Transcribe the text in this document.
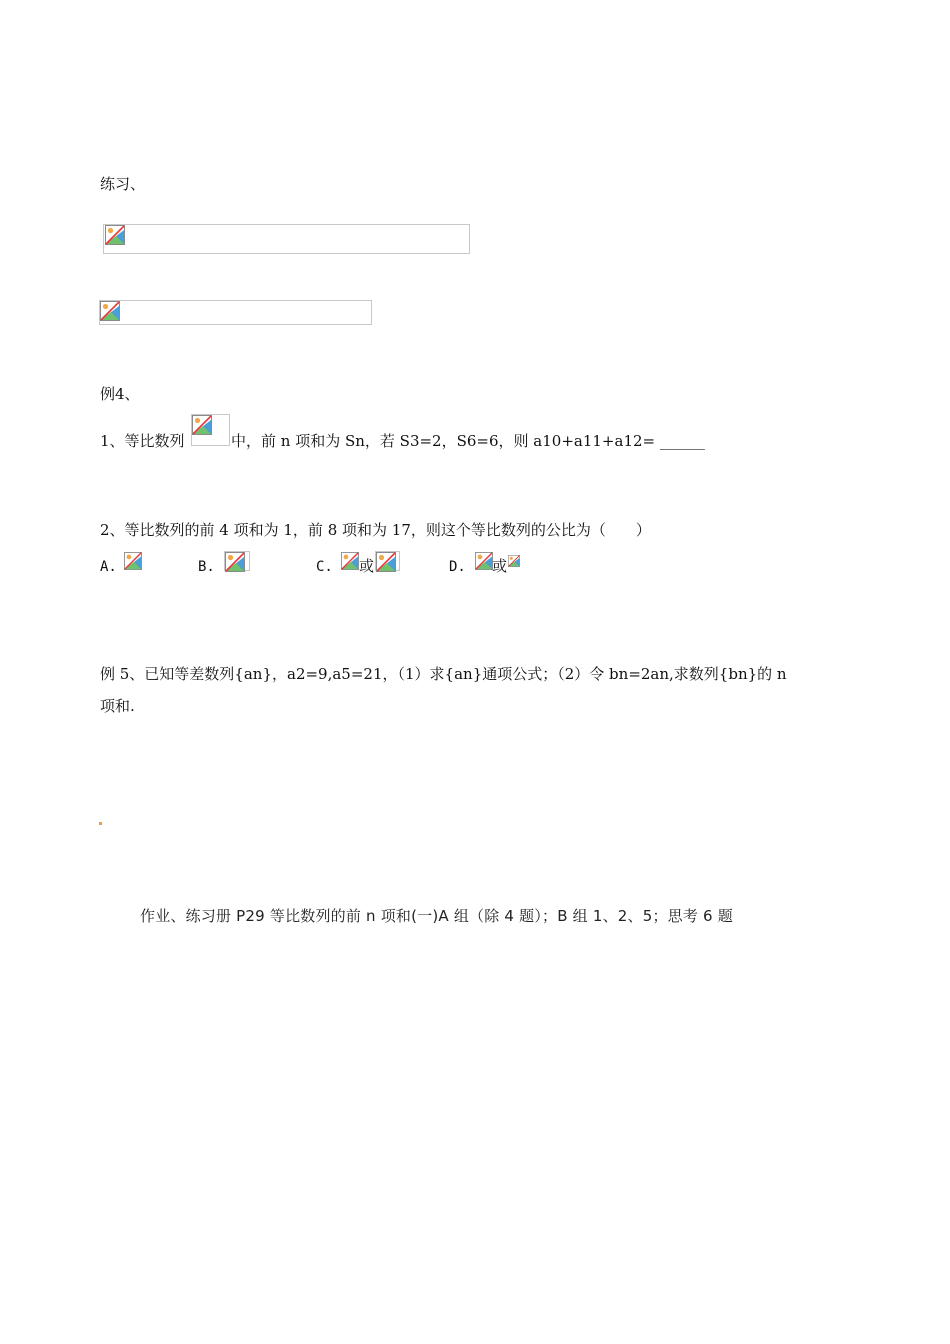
练习、
例4、
1、等比数列	中，前 n 项和为 Sn，若 S3=2，S6=6，则 a10+a11+a12= ______
2、等比数列的前 4 项和为 1，前 8 项和为 17，则这个等比数列的公比为（　　）
A.	B.	C. 或	D. 或
例 5、已知等差数列{an}，a2=9,a5=21，（1）求{an}通项公式；（2）令 bn=2an,求数列{bn}的 n
项和.
作业、练习册 P29 等比数列的前 n 项和(一)A 组（除 4 题）；B 组 1、2、5；思考 6 题
